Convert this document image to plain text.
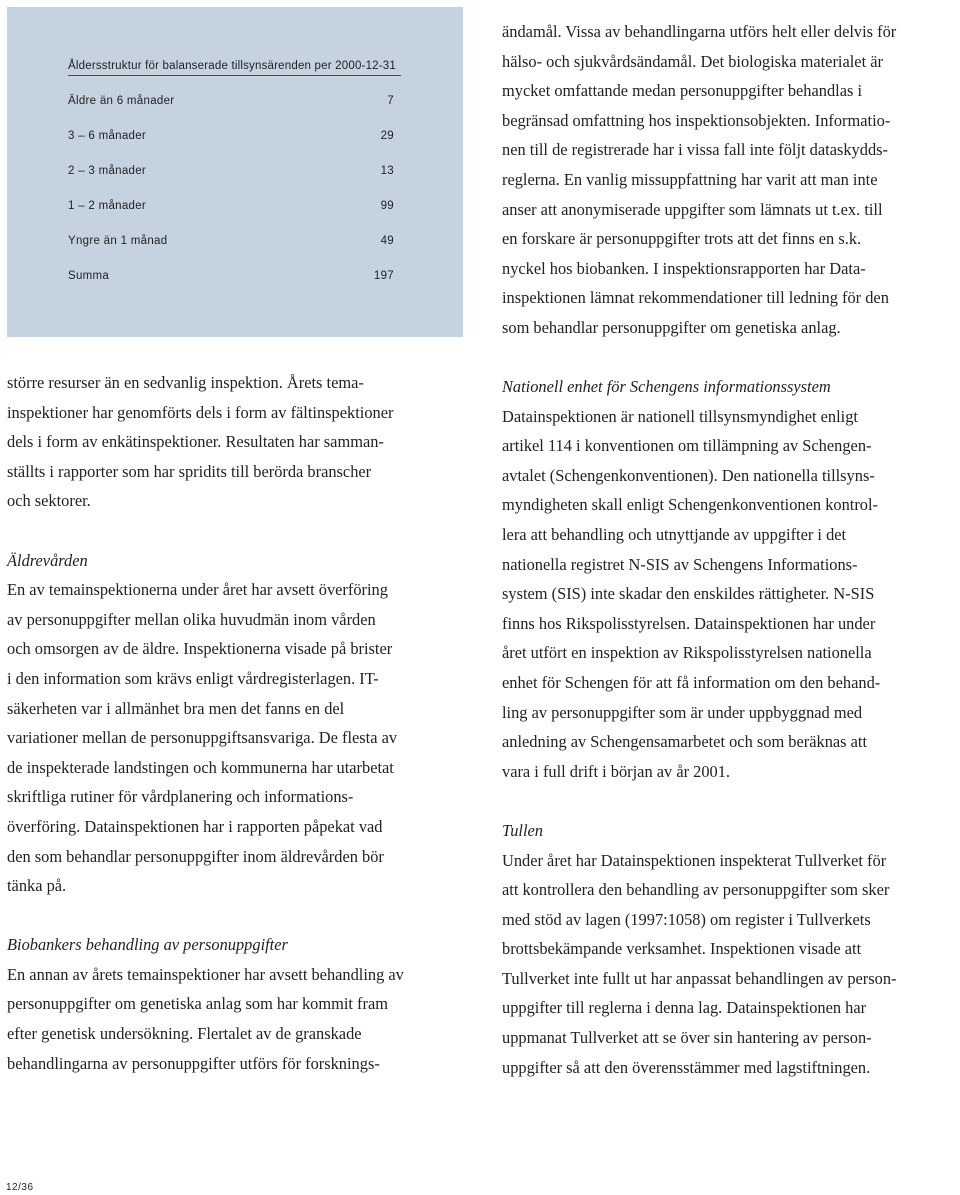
Åldersstruktur för balanserade tillsynsärenden per 2000-12-31
Äldre än 6 månader	7
3 – 6 månader	29
2 – 3 månader	13
1 – 2 månader	99
Yngre än 1 månad	49
Summa	197

ändamål. Vissa av behandlingarna utförs helt eller delvis för

hälso- och sjukvårdsändamål. Det biologiska materialet är

mycket omfattande medan personuppgifter behandlas i

begränsad omfattning hos inspektionsobjekten. Informatio-

nen till de registrerade har i vissa fall inte följt dataskydds-

reglerna. En vanlig missuppfattning har varit att man inte

anser att anonymiserade uppgifter som lämnats ut t.ex. till

en forskare är personuppgifter trots att det finns en s.k.

nyckel hos biobanken. I inspektionsrapporten har Data-

inspektionen lämnat rekommendationer till ledning för den

som behandlar personuppgifter om genetiska anlag.

större resurser än en sedvanlig inspektion. Årets tema-

inspektioner har genomförts dels i form av fältinspektioner

dels i form av enkätinspektioner. Resultaten har samman-

ställts i rapporter som har spridits till berörda branscher

och sektorer.

Äldrevården

En av temainspektionerna under året har avsett överföring

av personuppgifter mellan olika huvudmän inom vården

och omsorgen av de äldre. Inspektionerna visade på brister

i den information som krävs enligt vårdregisterlagen. IT-

säkerheten var i allmänhet bra men det fanns en del

variationer mellan de personuppgiftsansvariga. De flesta av

de inspekterade landstingen och kommunerna har utarbetat

skriftliga rutiner för vårdplanering och informations-

överföring. Datainspektionen har i rapporten påpekat vad

den som behandlar personuppgifter inom äldrevården bör

tänka på.

Biobankers behandling av personuppgifter

En annan av årets temainspektioner har avsett behandling av

personuppgifter om genetiska anlag som har kommit fram

efter genetisk undersökning. Flertalet av de granskade

behandlingarna av personuppgifter utförs för forsknings-

Nationell enhet för Schengens informationssystem

Datainspektionen är nationell tillsynsmyndighet enligt

artikel 114 i konventionen om tillämpning av Schengen-

avtalet (Schengenkonventionen). Den nationella tillsyns-

myndigheten skall enligt Schengenkonventionen kontrol-

lera att behandling och utnyttjande av uppgifter i det

nationella registret N-SIS av Schengens Informations-

system (SIS) inte skadar den enskildes rättigheter. N-SIS

finns hos Rikspolisstyrelsen. Datainspektionen har under

året utfört en inspektion av Rikspolisstyrelsen nationella

enhet för Schengen för att få information om den behand-

ling av personuppgifter som är under uppbyggnad med

anledning av Schengensamarbetet och som beräknas att

vara i full drift i början av år 2001.

Tullen

Under året har Datainspektionen inspekterat Tullverket för

att kontrollera den behandling av personuppgifter som sker

med stöd av lagen (1997:1058) om register i Tullverkets

brottsbekämpande verksamhet. Inspektionen visade att

Tullverket inte fullt ut har anpassat behandlingen av person-

uppgifter till reglerna i denna lag. Datainspektionen har

uppmanat Tullverket att se över sin hantering av person-

uppgifter så att den överensstämmer med lagstiftningen.

12/36
